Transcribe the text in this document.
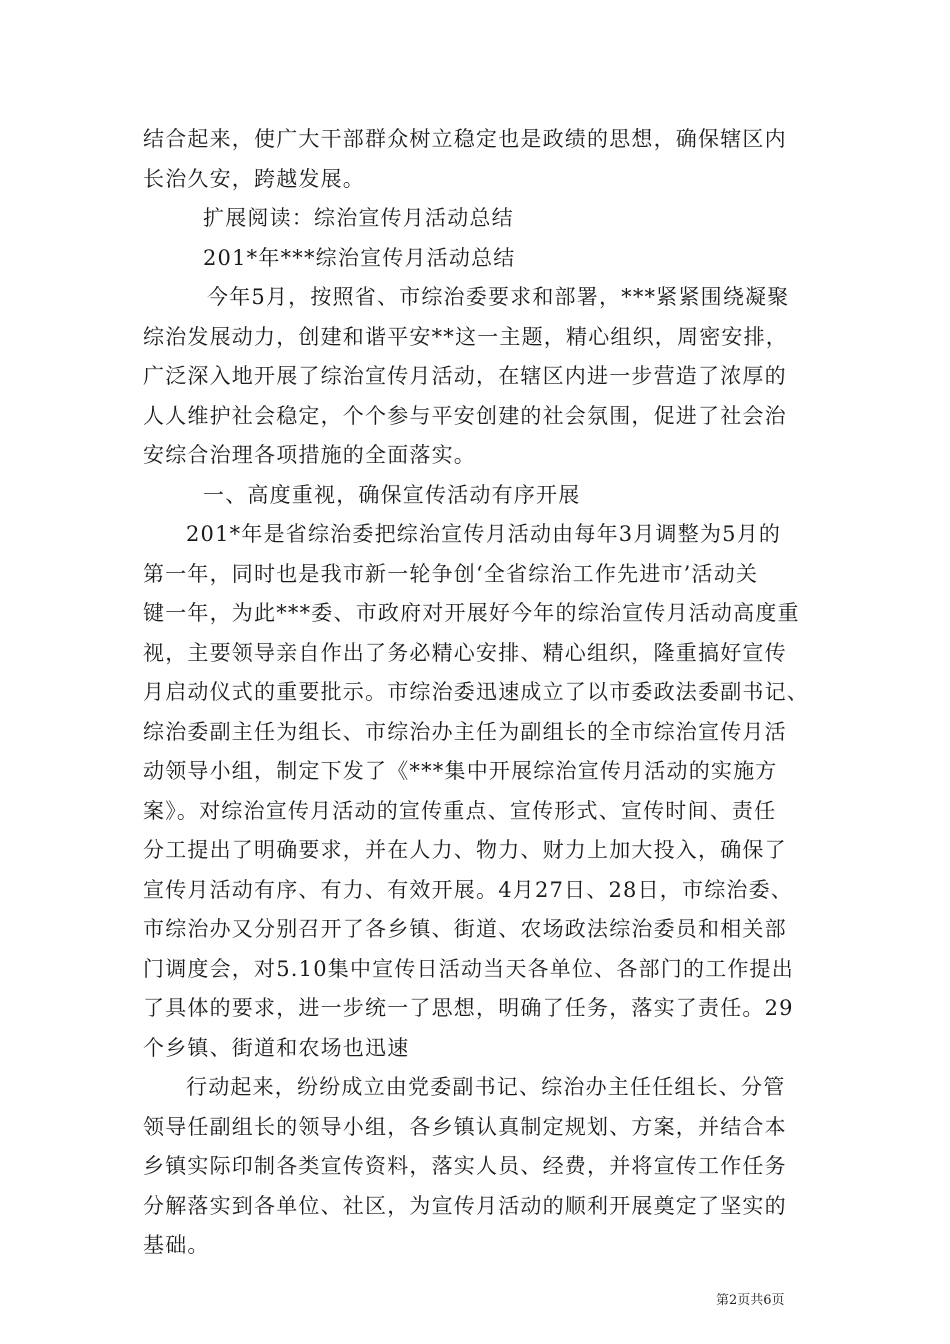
结合起来，使广大干部群众树立稳定也是政绩的思想，确保辖区内
长治久安，跨越发展。
扩展阅读：综治宣传月活动总结
201*年***综治宣传月活动总结
今年5月，按照省、市综治委要求和部署，***紧紧围绕凝聚
综治发展动力，创建和谐平安**这一主题，精心组织，周密安排，
广泛深入地开展了综治宣传月活动，在辖区内进一步营造了浓厚的
人人维护社会稳定，个个参与平安创建的社会氛围，促进了社会治
安综合治理各项措施的全面落实。
一、高度重视，确保宣传活动有序开展
201*年是省综治委把综治宣传月活动由每年3月调整为5月的
第一年，同时也是我市新一轮争创‘全省综治工作先进市’活动关
键一年，为此***委、市政府对开展好今年的综治宣传月活动高度重
视，主要领导亲自作出了务必精心安排、精心组织，隆重搞好宣传
月启动仪式的重要批示。市综治委迅速成立了以市委政法委副书记、
综治委副主任为组长、市综治办主任为副组长的全市综治宣传月活
动领导小组，制定下发了《***集中开展综治宣传月活动的实施方
案》。对综治宣传月活动的宣传重点、宣传形式、宣传时间、责任
分工提出了明确要求，并在人力、物力、财力上加大投入，确保了
宣传月活动有序、有力、有效开展。4月27日、28日，市综治委、
市综治办又分别召开了各乡镇、街道、农场政法综治委员和相关部
门调度会，对5.10集中宣传日活动当天各单位、各部门的工作提出
了具体的要求，进一步统一了思想，明确了任务，落实了责任。29
个乡镇、街道和农场也迅速
行动起来，纷纷成立由党委副书记、综治办主任任组长、分管
领导任副组长的领导小组，各乡镇认真制定规划、方案，并结合本
乡镇实际印制各类宣传资料，落实人员、经费，并将宣传工作任务
分解落实到各单位、社区，为宣传月活动的顺利开展奠定了坚实的
基础。
第2页共6页
